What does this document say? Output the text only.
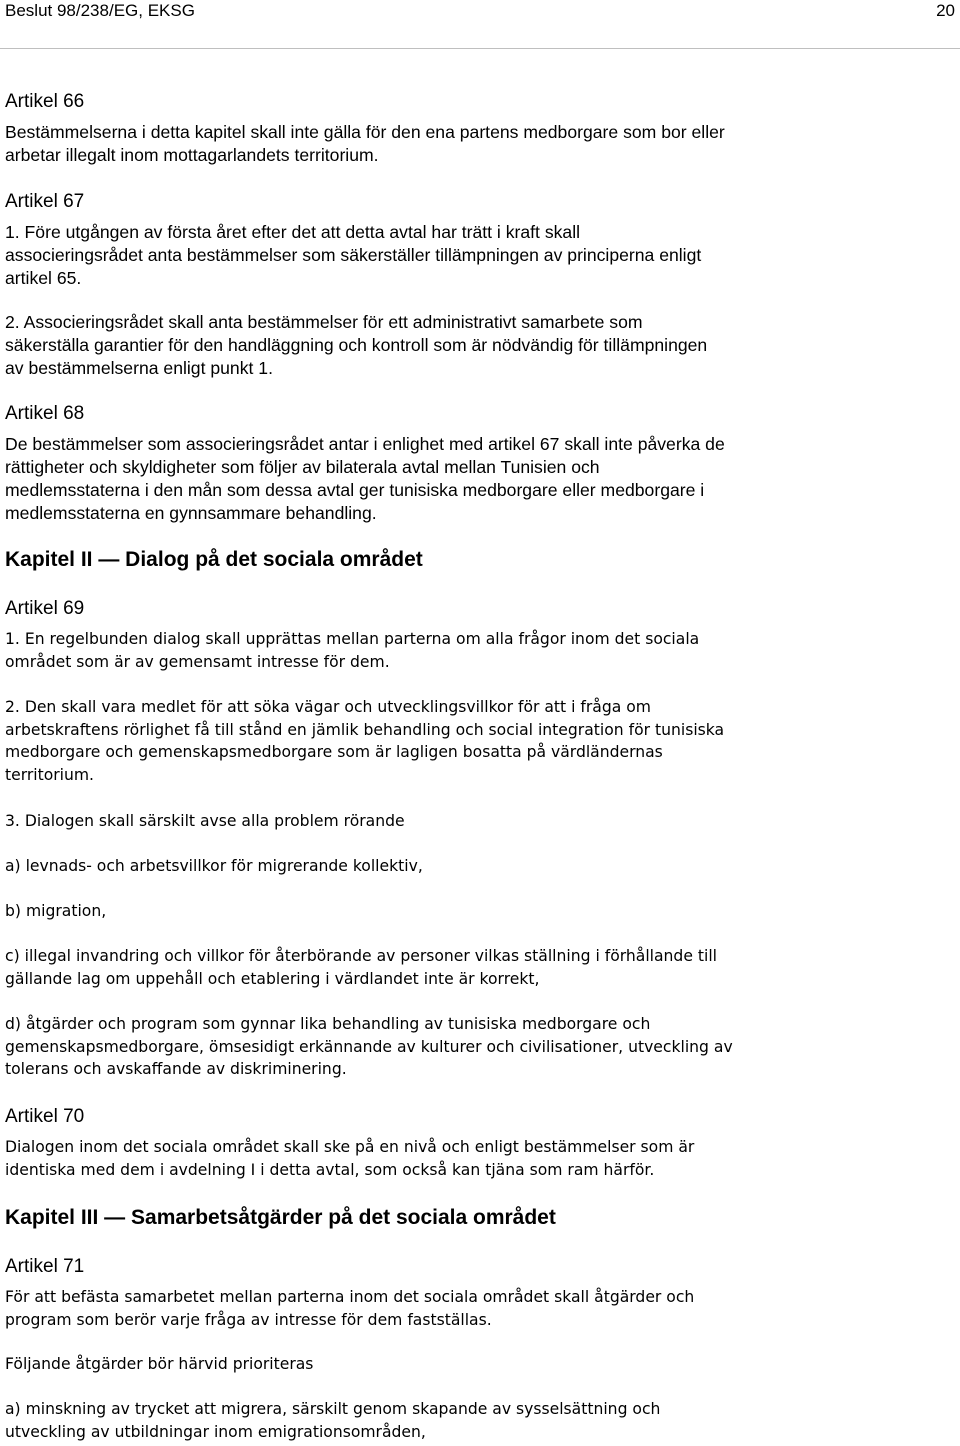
Beslut 98/238/EG, EKSG	20
Artikel 66
Bestämmelserna i detta kapitel skall inte gälla för den ena partens medborgare som bor eller
arbetar illegalt inom mottagarlandets territorium.
Artikel 67
1. Före utgången av första året efter det att detta avtal har trätt i kraft skall
associeringsrådet anta bestämmelser som säkerställer tillämpningen av principerna enligt
artikel 65.
2. Associeringsrådet skall anta bestämmelser för ett administrativt samarbete som
säkerställa garantier för den handläggning och kontroll som är nödvändig för tillämpningen
av bestämmelserna enligt punkt 1.
Artikel 68
De bestämmelser som associeringsrådet antar i enlighet med artikel 67 skall inte påverka de
rättigheter och skyldigheter som följer av bilaterala avtal mellan Tunisien och
medlemsstaterna i den mån som dessa avtal ger tunisiska medborgare eller medborgare i
medlemsstaterna en gynnsammare behandling.
Kapitel II — Dialog på det sociala området
Artikel 69
1. En regelbunden dialog skall upprättas mellan parterna om alla frågor inom det sociala
området som är av gemensamt intresse för dem.
2. Den skall vara medlet för att söka vägar och utvecklingsvillkor för att i fråga om
arbetskraftens rörlighet få till stånd en jämlik behandling och social integration för tunisiska
medborgare och gemenskapsmedborgare som är lagligen bosatta på värdländernas
territorium.
3. Dialogen skall särskilt avse alla problem rörande
a) levnads- och arbetsvillkor för migrerande kollektiv,
b) migration,
c) illegal invandring och villkor för återbörande av personer vilkas ställning i förhållande till
gällande lag om uppehåll och etablering i värdlandet inte är korrekt,
d) åtgärder och program som gynnar lika behandling av tunisiska medborgare och
gemenskapsmedborgare, ömsesidigt erkännande av kulturer och civilisationer, utveckling av
tolerans och avskaffande av diskriminering.
Artikel 70
Dialogen inom det sociala området skall ske på en nivå och enligt bestämmelser som är
identiska med dem i avdelning I i detta avtal, som också kan tjäna som ram härför.
Kapitel III — Samarbetsåtgärder på det sociala området
Artikel 71
För att befästa samarbetet mellan parterna inom det sociala området skall åtgärder och
program som berör varje fråga av intresse för dem fastställas.
Följande åtgärder bör härvid prioriteras
a) minskning av trycket att migrera, särskilt genom skapande av sysselsättning och
utveckling av utbildningar inom emigrationsområden,
